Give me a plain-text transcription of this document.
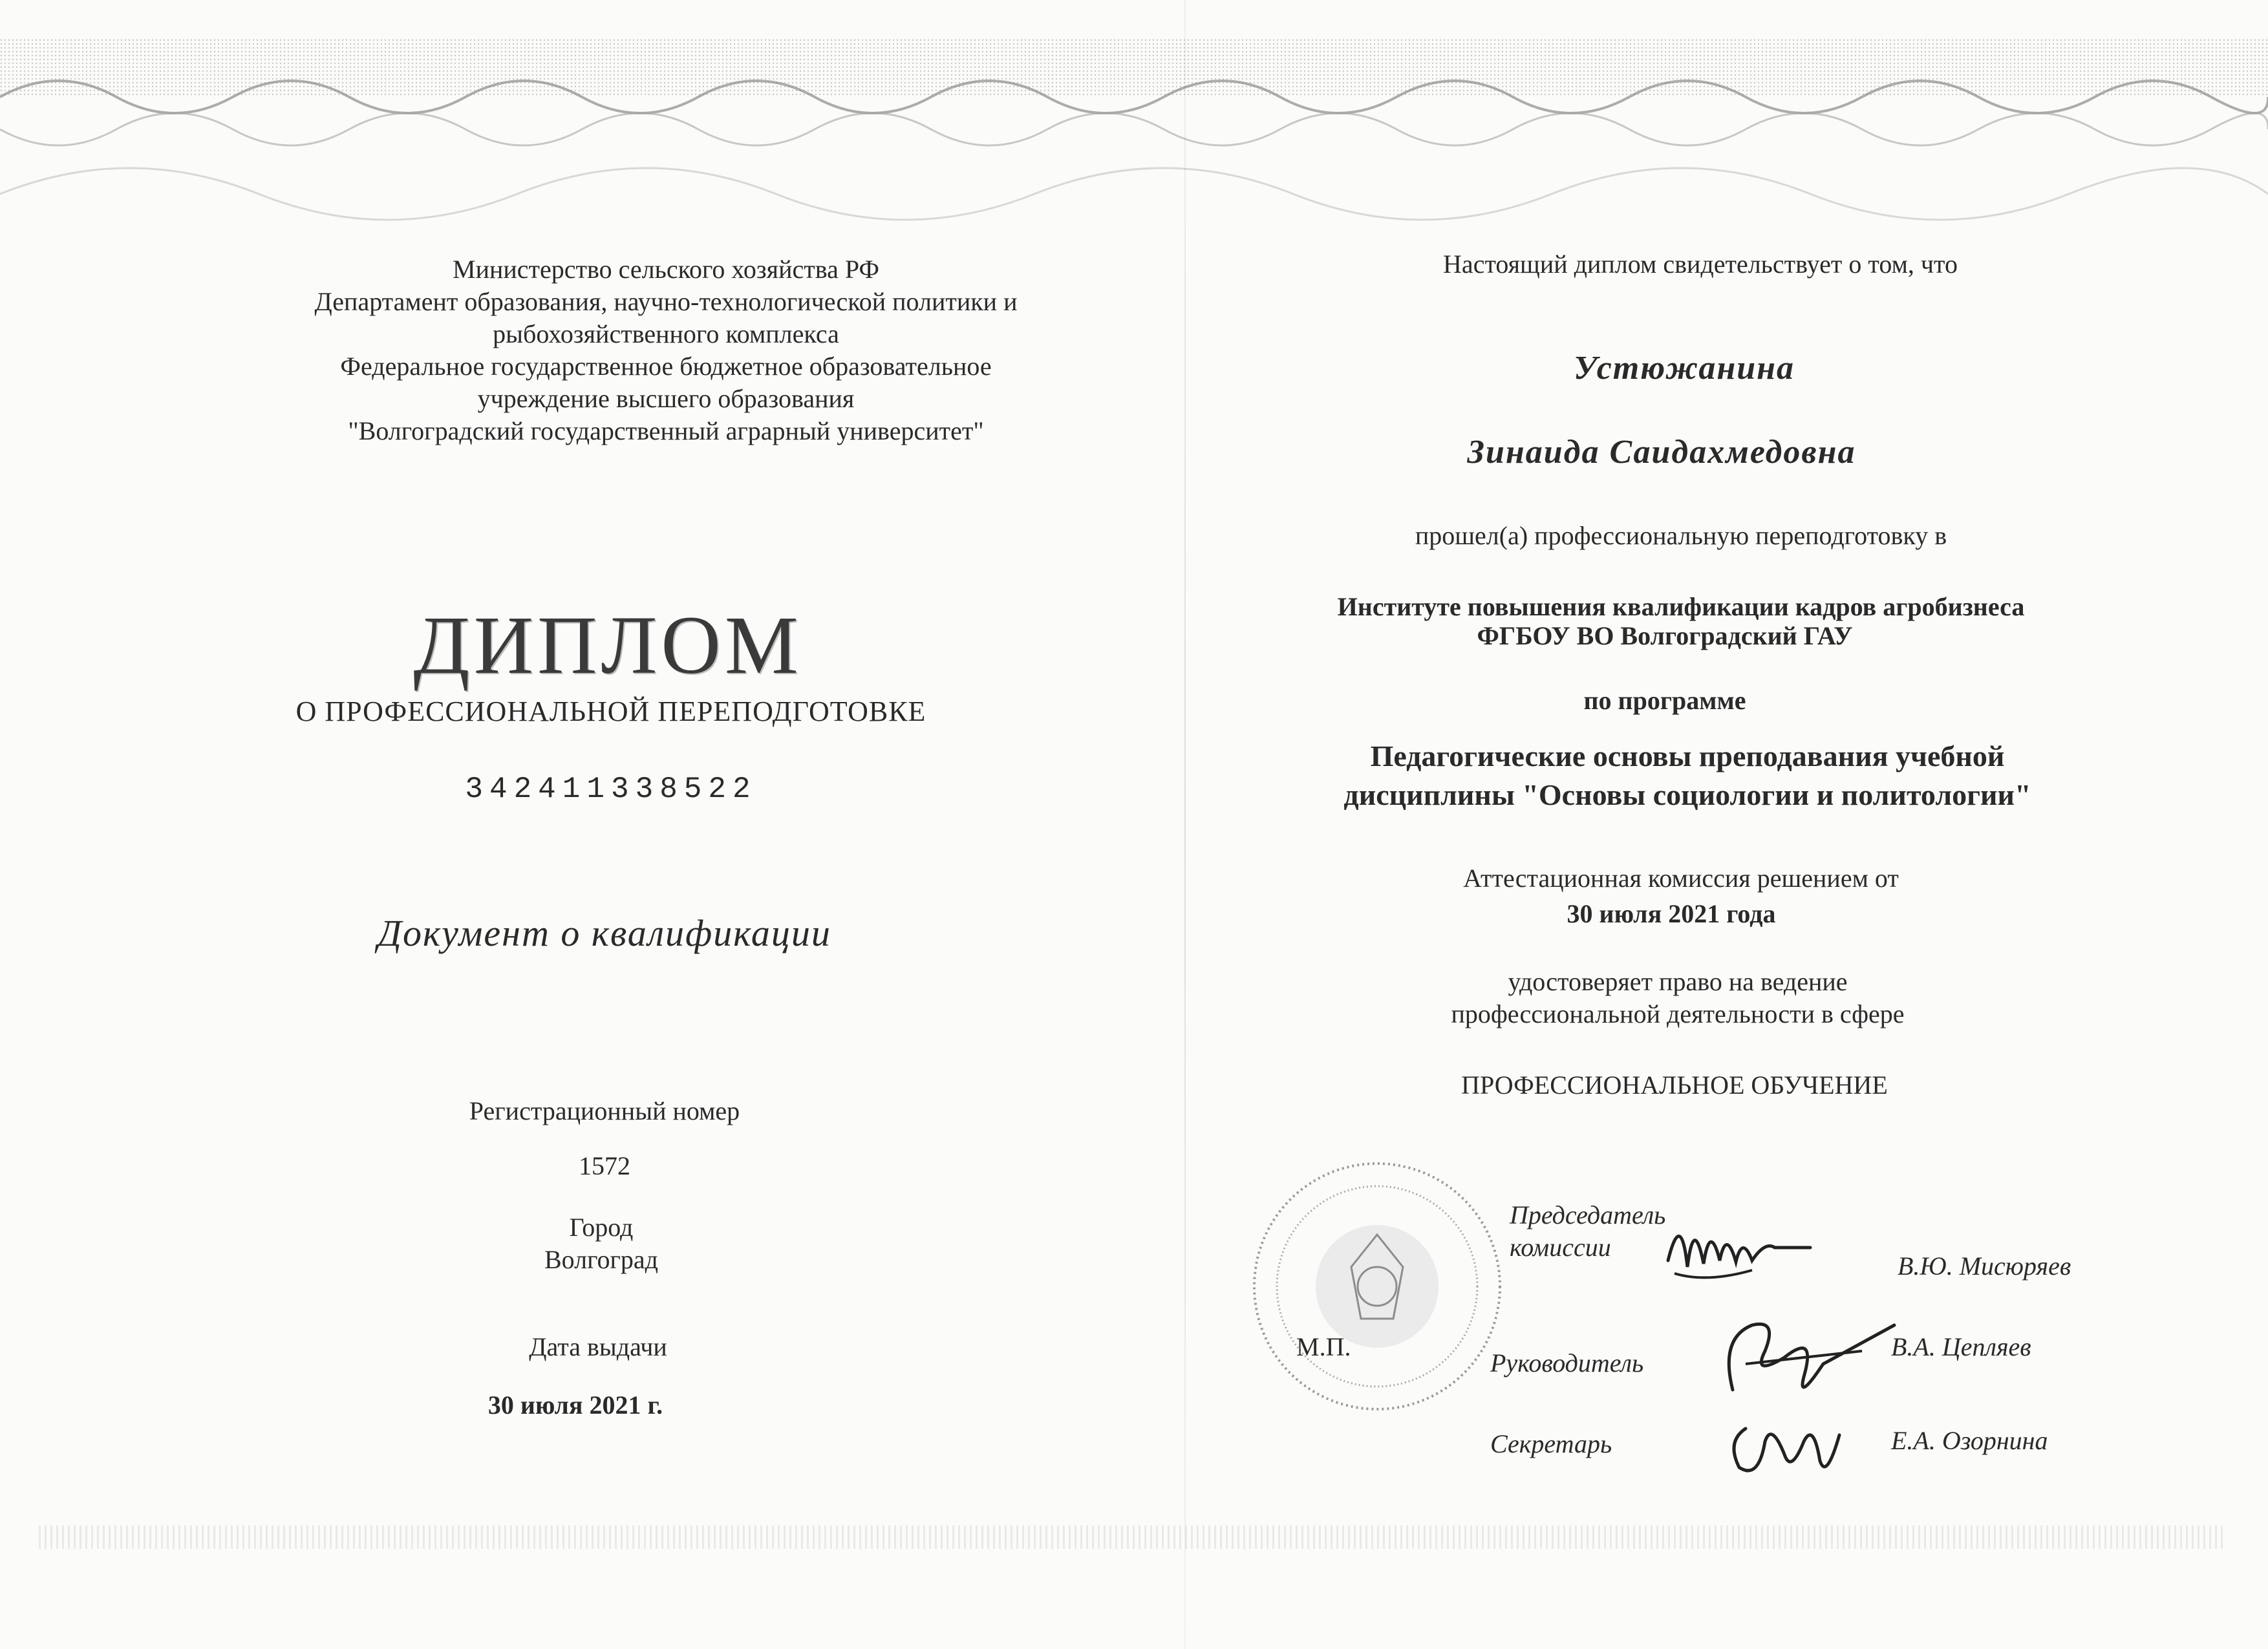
Министерство сельского хозяйства РФ
Департамент образования, научно-технологической политики и
рыбохозяйственного комплекса
Федеральное государственное бюджетное образовательное
учреждение высшего образования
"Волгоградский государственный аграрный университет"
ДИПЛОМ
О ПРОФЕССИОНАЛЬНОЙ ПЕРЕПОДГОТОВКЕ
342411338522
Документ о квалификации
Регистрационный номер
1572
Город
Волгоград
Дата выдачи
30 июля 2021 г.
Настоящий диплом свидетельствует о том, что
Устюжанина
Зинаида Саидахмедовна
прошел(а) профессиональную переподготовку в
Институте повышения квалификации кадров агробизнеса
ФГБОУ ВО Волгоградский ГАУ
по программе
Педагогические основы преподавания учебной
дисциплины "Основы социологии и политологии"
Аттестационная комиссия решением от
30 июля 2021 года
удостоверяет право на ведение
профессиональной деятельности в сфере
ПРОФЕССИОНАЛЬНОЕ ОБУЧЕНИЕ
М.П.
Председатель
комиссии
В.Ю. Мисюряев
Руководитель
В.А. Цепляев
Секретарь	Е.А. Озорнина
